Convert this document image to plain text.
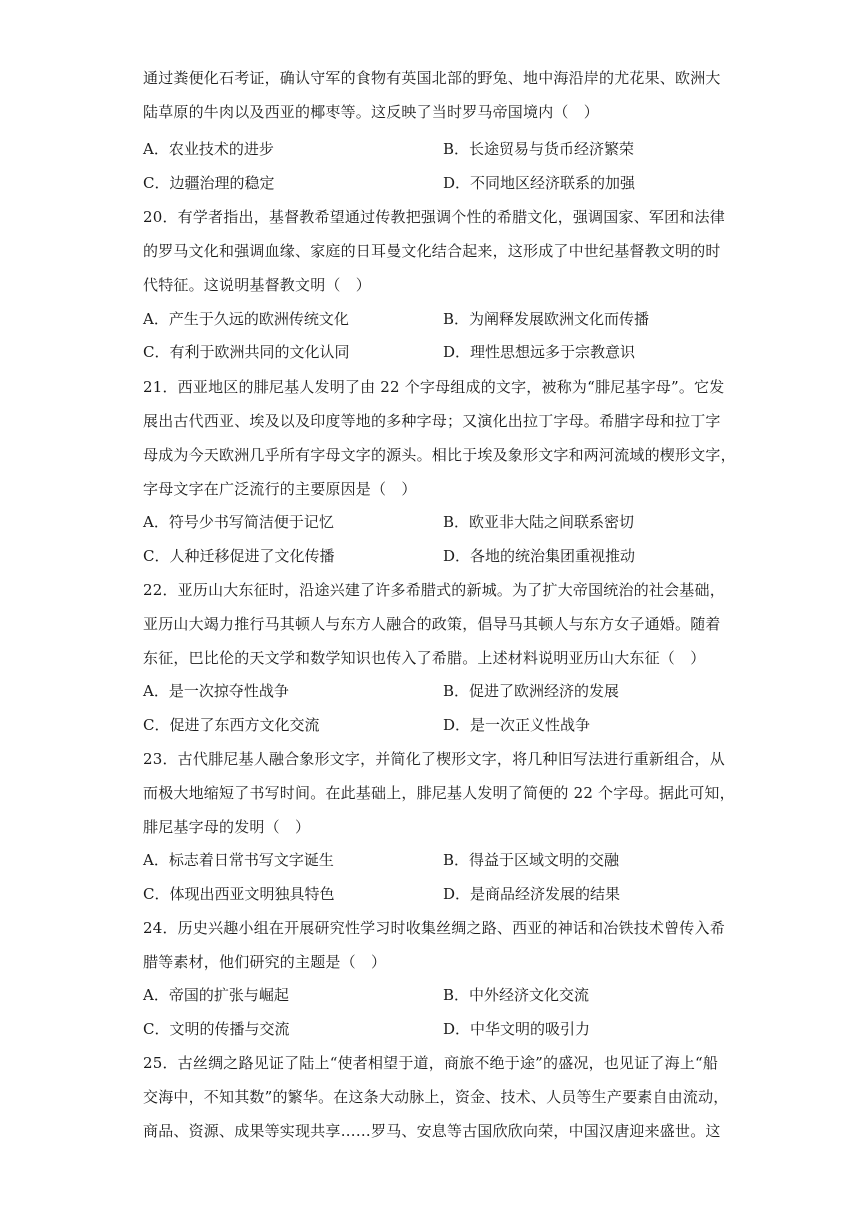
通过粪便化石考证，确认守军的食物有英国北部的野兔、地中海沿岸的尤花果、欧洲大
陆草原的牛肉以及西亚的椰枣等。这反映了当时罗马帝国境内（　）
A．农业技术的进步	B．长途贸易与货币经济繁荣
C．边疆治理的稳定	D．不同地区经济联系的加强
20．有学者指出，基督教希望通过传教把强调个性的希腊文化，强调国家、军团和法律
的罗马文化和强调血缘、家庭的日耳曼文化结合起来，这形成了中世纪基督教文明的时
代特征。这说明基督教文明（　）
A．产生于久远的欧洲传统文化	B．为阐释发展欧洲文化而传播
C．有利于欧洲共同的文化认同	D．理性思想远多于宗教意识
21．西亚地区的腓尼基人发明了由 22 个字母组成的文字，被称为“腓尼基字母”。它发
展出古代西亚、埃及以及印度等地的多种字母；又演化出拉丁字母。希腊字母和拉丁字
母成为今天欧洲几乎所有字母文字的源头。相比于埃及象形文字和两河流域的楔形文字，
字母文字在广泛流行的主要原因是（　）
A．符号少书写简洁便于记忆	B．欧亚非大陆之间联系密切
C．人种迁移促进了文化传播	D．各地的统治集团重视推动
22．亚历山大东征时，沿途兴建了许多希腊式的新城。为了扩大帝国统治的社会基础，
亚历山大竭力推行马其顿人与东方人融合的政策，倡导马其顿人与东方女子通婚。随着
东征，巴比伦的天文学和数学知识也传入了希腊。上述材料说明亚历山大东征（　）
A．是一次掠夺性战争	B．促进了欧洲经济的发展
C．促进了东西方文化交流	D．是一次正义性战争
23．古代腓尼基人融合象形文字，并简化了楔形文字，将几种旧写法进行重新组合，从
而极大地缩短了书写时间。在此基础上，腓尼基人发明了简便的 22 个字母。据此可知，
腓尼基字母的发明（　）
A．标志着日常书写文字诞生	B．得益于区域文明的交融
C．体现出西亚文明独具特色	D．是商品经济发展的结果
24．历史兴趣小组在开展研究性学习时收集丝绸之路、西亚的神话和冶铁技术曾传入希
腊等素材，他们研究的主题是（　）
A．帝国的扩张与崛起	B．中外经济文化交流
C．文明的传播与交流	D．中华文明的吸引力
25．古丝绸之路见证了陆上“使者相望于道，商旅不绝于途”的盛况，也见证了海上“船
交海中，不知其数”的繁华。在这条大动脉上，资金、技术、人员等生产要素自由流动，
商品、资源、成果等实现共享……罗马、安息等古国欣欣向荣，中国汉唐迎来盛世。这
